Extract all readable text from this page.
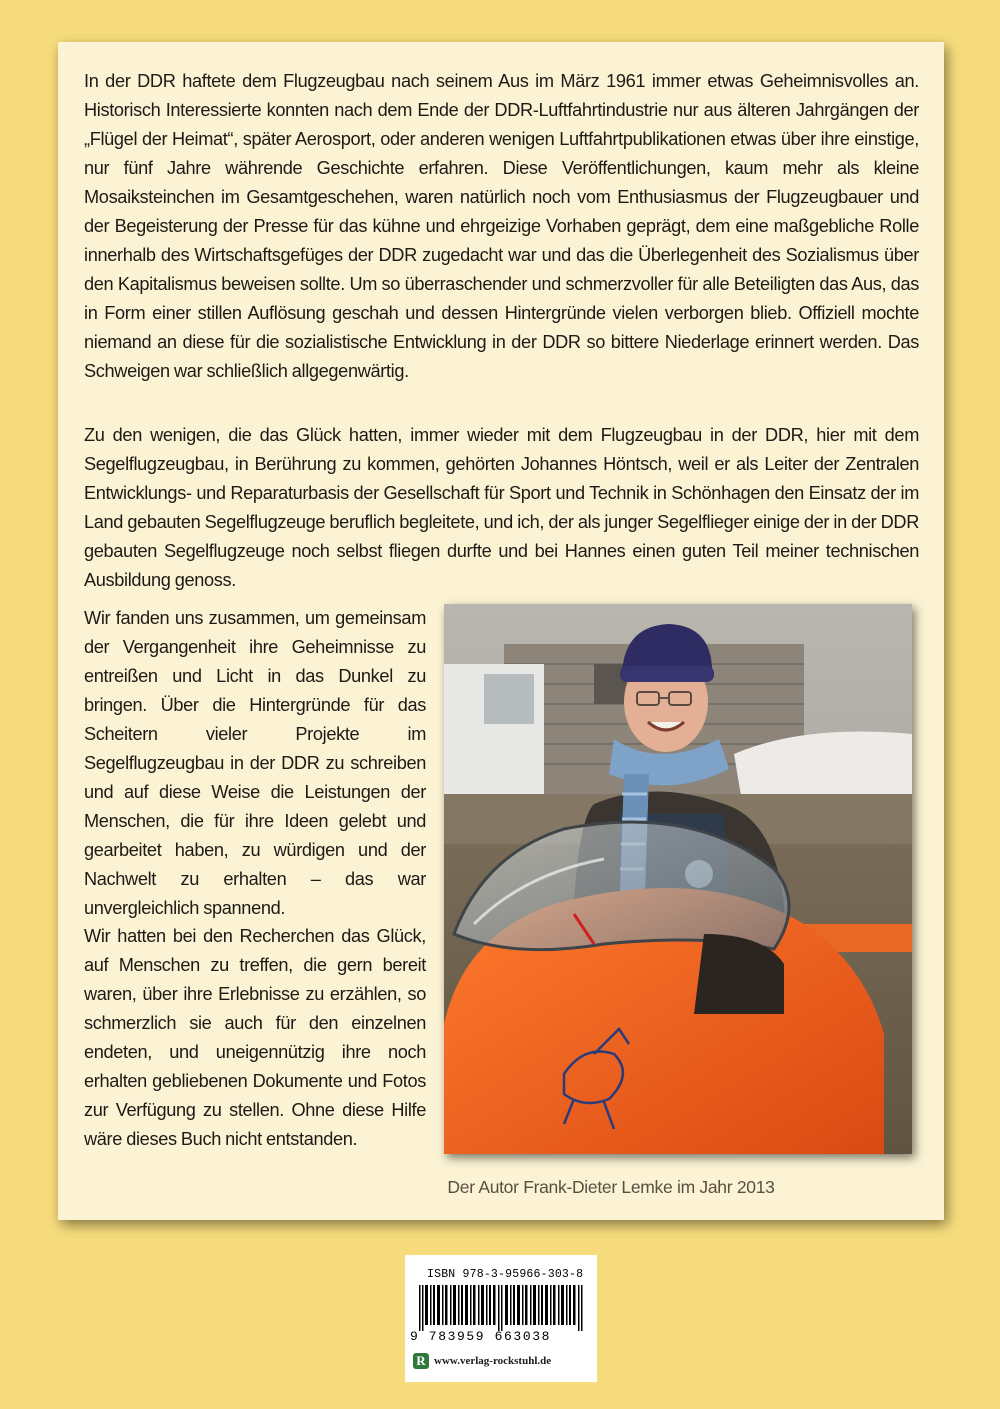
In der DDR haftete dem Flugzeugbau nach seinem Aus im März 1961 immer etwas Geheimnisvolles an. Historisch Interessierte konnten nach dem Ende der DDR-Luftfahrtindustrie nur aus älteren Jahrgängen der „Flügel der Heimat“, später Aerosport, oder anderen wenigen Luftfahrtpublikationen etwas über ihre einstige, nur fünf Jahre währende Geschichte erfahren. Diese Veröffentlichungen, kaum mehr als kleine Mosaiksteinchen im Gesamtgeschehen, waren natürlich noch vom Enthusiasmus der Flugzeugbauer und der Begeisterung der Presse für das kühne und ehrgeizige Vorhaben geprägt, dem eine maßgebliche Rolle innerhalb des Wirtschaftsgefüges der DDR zugedacht war und das die Überlegenheit des Sozialismus über den Kapitalismus beweisen sollte. Um so überraschender und schmerzvoller für alle Beteiligten das Aus, das in Form einer stillen Auflösung geschah und dessen Hintergründe vielen verborgen blieb. Offiziell mochte niemand an diese für die sozialistische Entwicklung in der DDR so bittere Niederlage erinnert werden. Das Schweigen war schließlich allgegenwärtig.

Zu den wenigen, die das Glück hatten, immer wieder mit dem Flugzeugbau in der DDR, hier mit dem Segelflugzeugbau, in Berührung zu kommen, gehörten Johannes Höntsch, weil er als Leiter der Zentralen Entwicklungs- und Reparaturbasis der Gesellschaft für Sport und Technik in Schönhagen den Einsatz der im Land gebauten Segelflugzeuge beruflich begleitete, und ich, der als junger Segelflieger einige der in der DDR gebauten Segelflugzeuge noch selbst fliegen durfte und bei Hannes einen guten Teil meiner technischen Ausbildung genoss.

Wir fanden uns zusammen, um gemeinsam der Vergangenheit ihre Geheimnisse zu entreißen und Licht in das Dunkel zu bringen. Über die Hintergründe für das Scheitern vieler Projekte im Segelflugzeugbau in der DDR zu schreiben und auf diese Weise die Leistungen der Menschen, die für ihre Ideen gelebt und gearbeitet haben, zu würdigen und der Nachwelt zu erhalten – das war unvergleichlich spannend.

Wir hatten bei den Recherchen das Glück, auf Menschen zu treffen, die gern bereit waren, über ihre Erlebnisse zu erzählen, so schmerzlich sie auch für den einzelnen endeten, und uneigennützig ihre noch erhalten gebliebenen Dokumente und Fotos zur Verfügung zu stellen. Ohne diese Hilfe wäre dieses Buch nicht entstanden.

Der Autor Frank-Dieter Lemke im Jahr 2013

ISBN 978-3-95966-303-8

9 783959 663038

R www.verlag-rockstuhl.de
